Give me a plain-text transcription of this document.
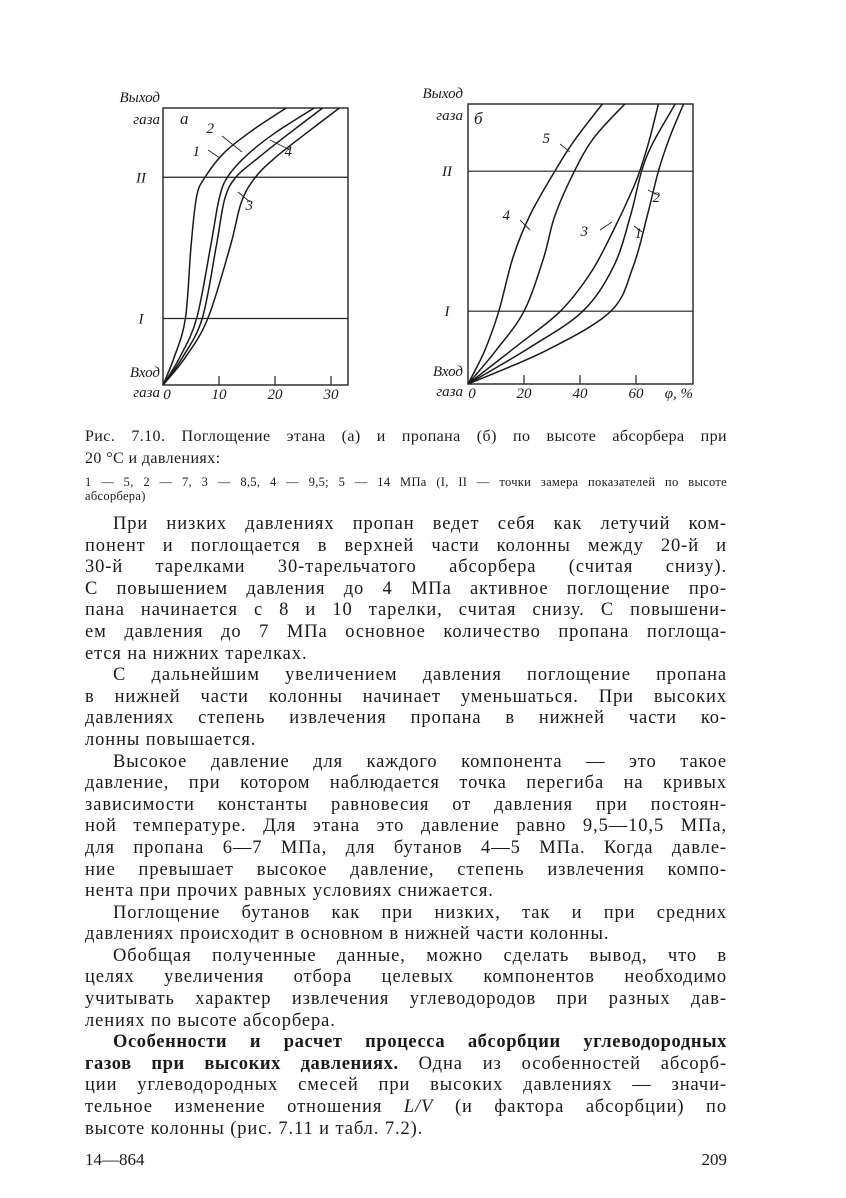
II
I
Выход
газа
Вход
газа
а
0	10	20	30
1
2
4
3
II
I
Выход
газа
Вход
газа
б
0	20	40	60 φ, %
5
4
3
2
1
Рис. 7.10. Поглощение этана (а) и пропана (б) по высоте абсорбера при
20 °С и давлениях:
1 — 5, 2 — 7, 3 — 8,5, 4 — 9,5; 5 — 14 МПа (I, II — точки замера показателей по высоте
абсорбера)
При низких давлениях пропан ведет себя как летучий ком-
понент и поглощается в верхней части колонны между 20-й и
30-й тарелками 30-тарельчатого абсорбера (считая снизу).
С повышением давления до 4 МПа активное поглощение про-
пана начинается с 8 и 10 тарелки, считая снизу. С повышени-
ем давления до 7 МПа основное количество пропана поглоща-
ется на нижних тарелках.
С дальнейшим увеличением давления поглощение пропана
в нижней части колонны начинает уменьшаться. При высоких
давлениях степень извлечения пропана в нижней части ко-
лонны повышается.
Высокое давление для каждого компонента — это такое
давление, при котором наблюдается точка перегиба на кривых
зависимости константы равновесия от давления при постоян-
ной температуре. Для этана это давление равно 9,5—10,5 МПа,
для пропана 6—7 МПа, для бутанов 4—5 МПа. Когда давле-
ние превышает высокое давление, степень извлечения компо-
нента при прочих равных условиях снижается.
Поглощение бутанов как при низких, так и при средних
давлениях происходит в основном в нижней части колонны.
Обобщая полученные данные, можно сделать вывод, что в
целях увеличения отбора целевых компонентов необходимо
учитывать характер извлечения углеводородов при разных дав-
лениях по высоте абсорбера.
Особенности и расчет процесса абсорбции углеводородных
газов при высоких давлениях. Одна из особенностей абсорб-
ции углеводородных смесей при высоких давлениях — значи-
тельное изменение отношения L/V (и фактора абсорбции) по
высоте колонны (рис. 7.11 и табл. 7.2).
14—864	209
